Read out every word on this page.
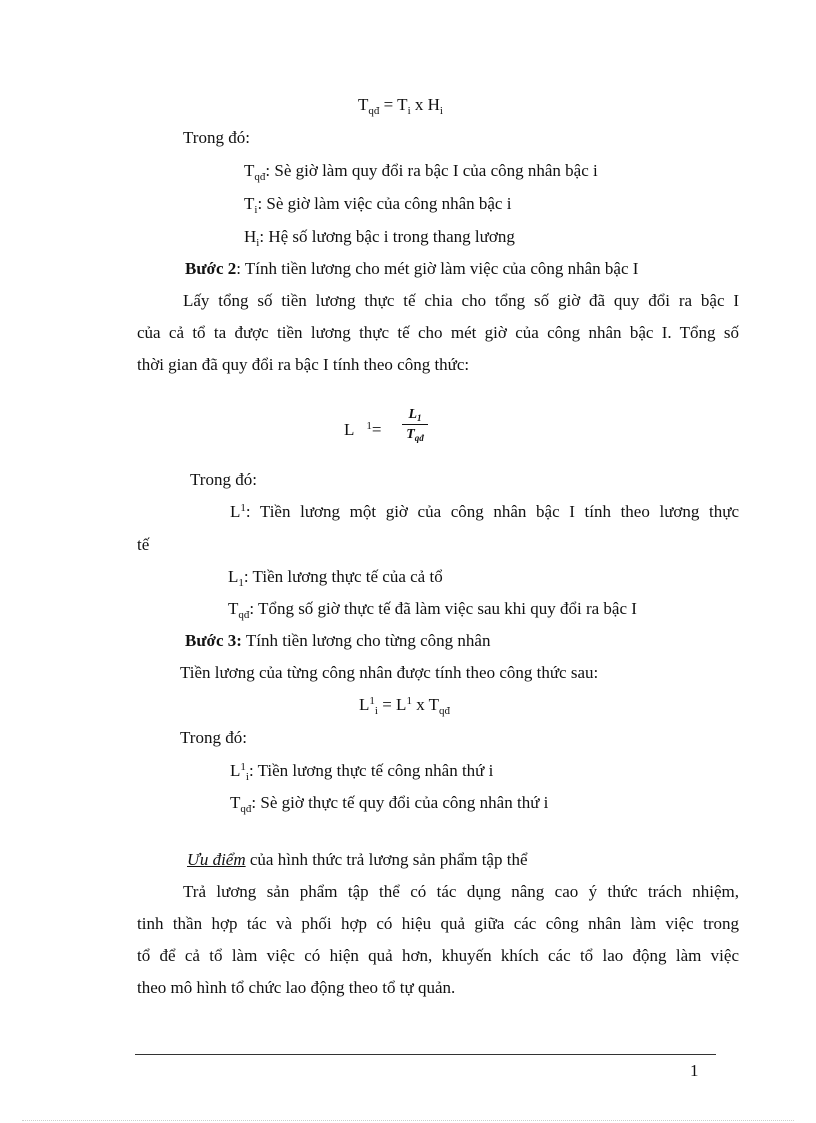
$T_{qđ} = T_i$ x $H_i$
Trong đó:
$T_{qđ}$: Sè giờ làm quy đổi ra bậc I của công nhân bậc i
$T_i$: Sè giờ làm việc của công nhân bậc i
$H_i$: Hệ số lương bậc i trong thang lương
Bước 2: Tính tiền lương cho mét giờ làm việc của công nhân bậc I
Lấy tổng số tiền lương thực tế chia cho tổng số giờ đã quy đổi ra bậc I
của cả tổ ta được tiền lương thực tế cho mét giờ của công nhân bậc I. Tổng số
thời gian đã quy đổi ra bậc I tính theo công thức:
L $^1$=
$L_1$
$T_{qđ}$
Trong đó:
$L^1$: Tiền lương một giờ của công nhân bậc I tính theo lương thực
tế
$L_1$: Tiền lương thực tế của cả tổ
$T_{qđ}$: Tổng số giờ thực tế đã làm việc sau khi quy đổi ra bậc I
Bước 3: Tính tiền lương cho từng công nhân
Tiền lương của từng công nhân được tính theo công thức sau:
$L^1_i = L^1$ x $T_{qđ}$
Trong đó:
$L^1_i$: Tiền lương thực tế công nhân thứ i
$T_{qđ}$: Sè giờ thực tế quy đổi của công nhân thứ i
Ưu điểm của hình thức trả lương sản phẩm tập thể
Trả lương sản phẩm tập thể có tác dụng nâng cao ý thức trách nhiệm,
tinh thần hợp tác và phối hợp có hiệu quả giữa các công nhân làm việc trong
tổ để cả tổ làm việc có hiện quả hơn, khuyến khích các tổ lao động làm việc
theo mô hình tổ chức lao động theo tổ tự quản.
1
